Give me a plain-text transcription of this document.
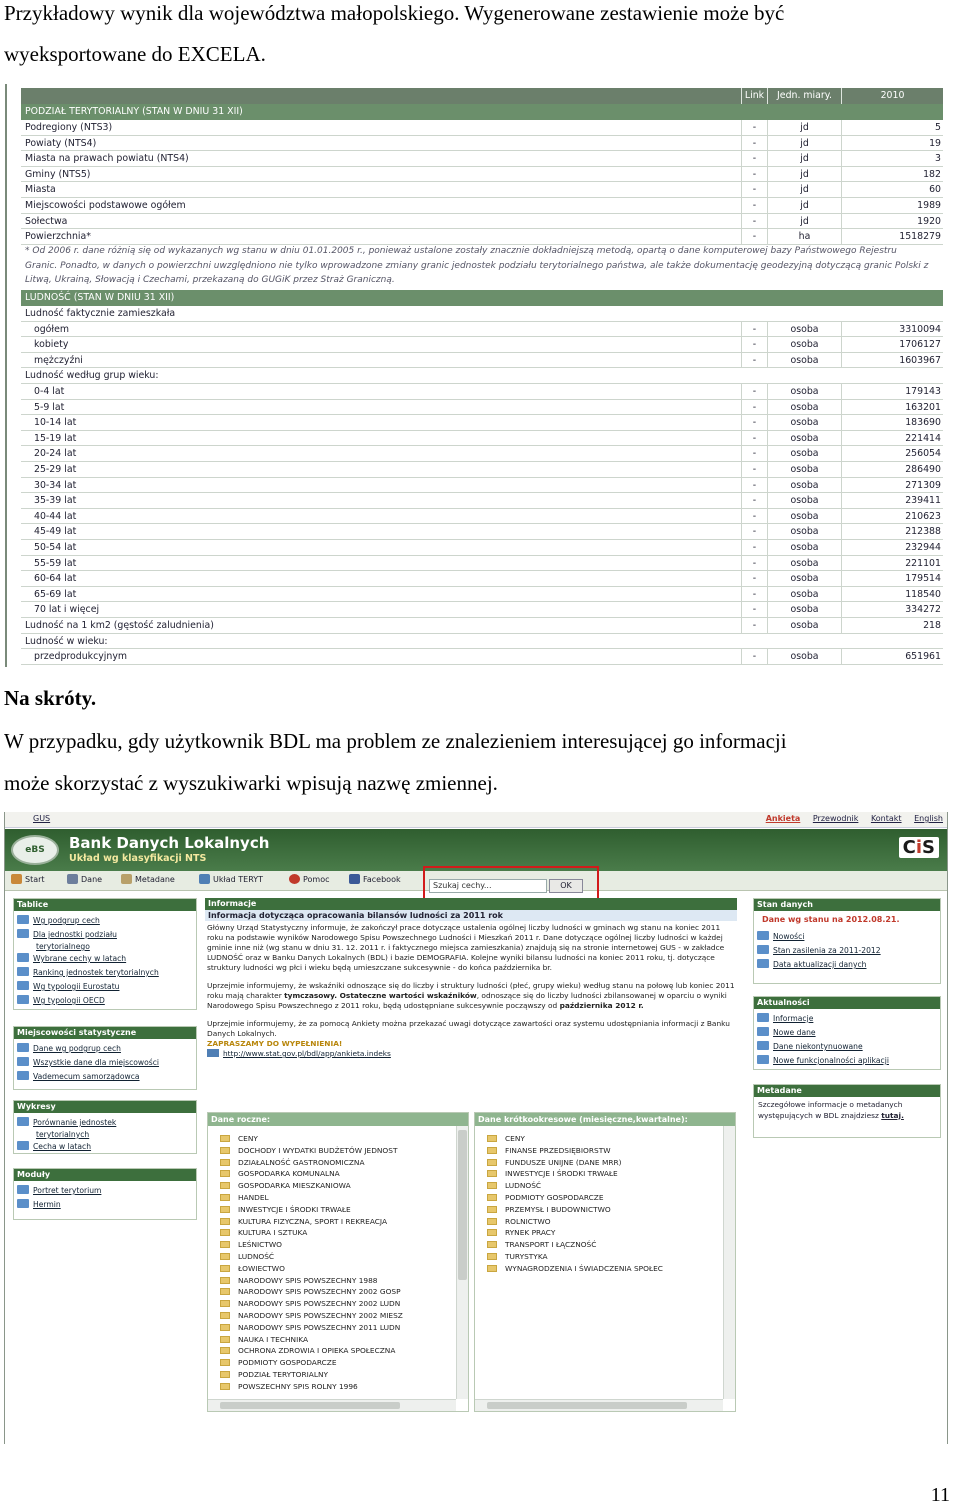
Przykładowy wynik dla województwa małopolskiego. Wygenerowane zestawienie może być
wyeksportowane do EXCELA.
Link	Jedn. miary.	2010
PODZIAŁ TERYTORIALNY (STAN W DNIU 31 XII)
Podregiony (NTS3)	-	jd	5
Powiaty (NTS4)	-	jd	19
Miasta na prawach powiatu (NTS4)	-	jd	3
Gminy (NTS5)	-	jd	182
Miasta	-	jd	60
Miejscowości podstawowe ogółem	-	jd	1989
Sołectwa	-	jd	1920
Powierzchnia*	-	ha	1518279
* Od 2006 r. dane różnią się od wykazanych wg stanu w dniu 01.01.2005 r., ponieważ ustalone zostały znacznie dokładniejszą metodą, opartą o dane komputerowej bazy Państwowego Rejestru
Granic. Ponadto, w danych o powierzchni uwzględniono nie tylko wprowadzone zmiany granic jednostek podziału terytorialnego państwa, ale także dokumentację geodezyjną dotyczącą granic Polski z
Litwą, Ukrainą, Słowacją i Czechami, przekazaną do GUGiK przez Straż Graniczną.
LUDNOŚĆ (STAN W DNIU 31 XII)
Ludność faktycznie zamieszkała
ogółem	-	osoba	3310094
kobiety	-	osoba	1706127
mężczyźni	-	osoba	1603967
Ludność według grup wieku:
0-4 lat	-	osoba	179143
5-9 lat	-	osoba	163201
10-14 lat	-	osoba	183690
15-19 lat	-	osoba	221414
20-24 lat	-	osoba	256054
25-29 lat	-	osoba	286490
30-34 lat	-	osoba	271309
35-39 lat	-	osoba	239411
40-44 lat	-	osoba	210623
45-49 lat	-	osoba	212388
50-54 lat	-	osoba	232944
55-59 lat	-	osoba	221101
60-64 lat	-	osoba	179514
65-69 lat	-	osoba	118540
70 lat i więcej	-	osoba	334272
Ludność na 1 km2 (gęstość zaludnienia)	-	osoba	218
Ludność w wieku:
przedprodukcyjnym	-	osoba	651961
Na skróty.
W przypadku, gdy użytkownik BDL ma problem ze znalezieniem interesującej go informacji
może skorzystać z wyszukiwarki wpisują nazwę zmiennej.
GUS	Ankieta Przewodnik Kontakt English
eBS	Bank Danych Lokalnych
Układ wg klasyfikacji NTS
CiS
Start	Dane	Metadane	Układ TERYT	Pomoc	Facebook
Szukaj cechy...	OK
Tablice
Wg podgrup cech
Dla jednostki podziału
terytorialnego
Wybrane cechy w latach
Ranking jednostek terytorialnych
Wg typologii Eurostatu
Wg typologii OECD
Miejscowości statystyczne
Dane wg podgrup cech
Wszystkie dane dla miejscowości
Vademecum samorządowca
Wykresy
Porównanie jednostek
terytorialnych
Cecha w latach
Moduły
Portret terytorium
Hermin
Informacje
Informacja dotycząca opracowania bilansów ludności za 2011 rok

Główny Urząd Statystyczny informuje, że zakończył prace dotyczące ustalenia ogólnej liczby ludności w gminach wg stanu na koniec 2011 roku na podstawie wyników Narodowego Spisu Powszechnego Ludności i Mieszkań 2011 r. Dane dotyczące ogólnej liczby ludności w każdej gminie inne niż (wg stanu w dniu 31. 12. 2011 r. i faktycznego miejsca zamieszkania) znajdują się na stronie internetowej GUS - w zakładce LUDNOŚĆ oraz w Banku Danych Lokalnych (BDL) i bazie DEMOGRAFIA. Kolejne wyniki bilansu ludności na koniec 2011 roku, tj. dotyczące struktury ludności wg płci i wieku będą umieszczane sukcesywnie - do końca października br.

Uprzejmie informujemy, że wskaźniki odnoszące się do liczby i struktury ludności (płeć, grupy wieku) według stanu na połowę lub koniec 2011 roku mają charakter tymczasowy. Ostateczne wartości wskaźników, odnoszące się do liczby ludności zbilansowanej w oparciu o wyniki Narodowego Spisu Powszechnego z 2011 roku, będą udostępniane sukcesywnie począwszy od października 2012 r.

Uprzejmie informujemy, że za pomocą Ankiety można przekazać uwagi dotyczące zawartości oraz systemu udostępniania informacji z Banku Danych Lokalnych.
ZAPRASZAMY DO WYPEŁNIENIA!
http://www.stat.gov.pl/bdl/app/ankieta.indeks

Stan danych
Dane wg stanu na 2012.08.21.
Nowości
Stan zasilenia za 2011-2012
Data aktualizacji danych
Aktualności
Informacje
Nowe dane
Dane niekontynuowane
Nowe funkcjonalności aplikacji
Metadane
Szczegółowe informacje o metadanych występujących w BDL znajdziesz tutaj.
Dane roczne:
CENY
DOCHODY I WYDATKI BUDŻETÓW JEDNOST
DZIAŁALNOŚĆ GASTRONOMICZNA
GOSPODARKA KOMUNALNA
GOSPODARKA MIESZKANIOWA
HANDEL
INWESTYCJE I ŚRODKI TRWAŁE
KULTURA FIZYCZNA, SPORT I REKREACJA
KULTURA I SZTUKA
LEŚNICTWO
LUDNOŚĆ
ŁOWIECTWO
NARODOWY SPIS POWSZECHNY 1988
NARODOWY SPIS POWSZECHNY 2002 GOSP
NARODOWY SPIS POWSZECHNY 2002 LUDN
NARODOWY SPIS POWSZECHNY 2002 MIESZ
NARODOWY SPIS POWSZECHNY 2011 LUDN
NAUKA I TECHNIKA
OCHRONA ZDROWIA I OPIEKA SPOŁECZNA
PODMIOTY GOSPODARCZE
PODZIAŁ TERYTORIALNY
POWSZECHNY SPIS ROLNY 1996
Dane krótkookresowe (miesięczne,kwartalne):
CENY
FINANSE PRZEDSIĘBIORSTW
FUNDUSZE UNIJNE (DANE MRR)
INWESTYCJE I ŚRODKI TRWAŁE
LUDNOŚĆ
PODMIOTY GOSPODARCZE
PRZEMYSŁ I BUDOWNICTWO
ROLNICTWO
RYNEK PRACY
TRANSPORT I ŁĄCZNOŚĆ
TURYSTYKA
WYNAGRODZENIA I ŚWIADCZENIA SPOŁEC
11
